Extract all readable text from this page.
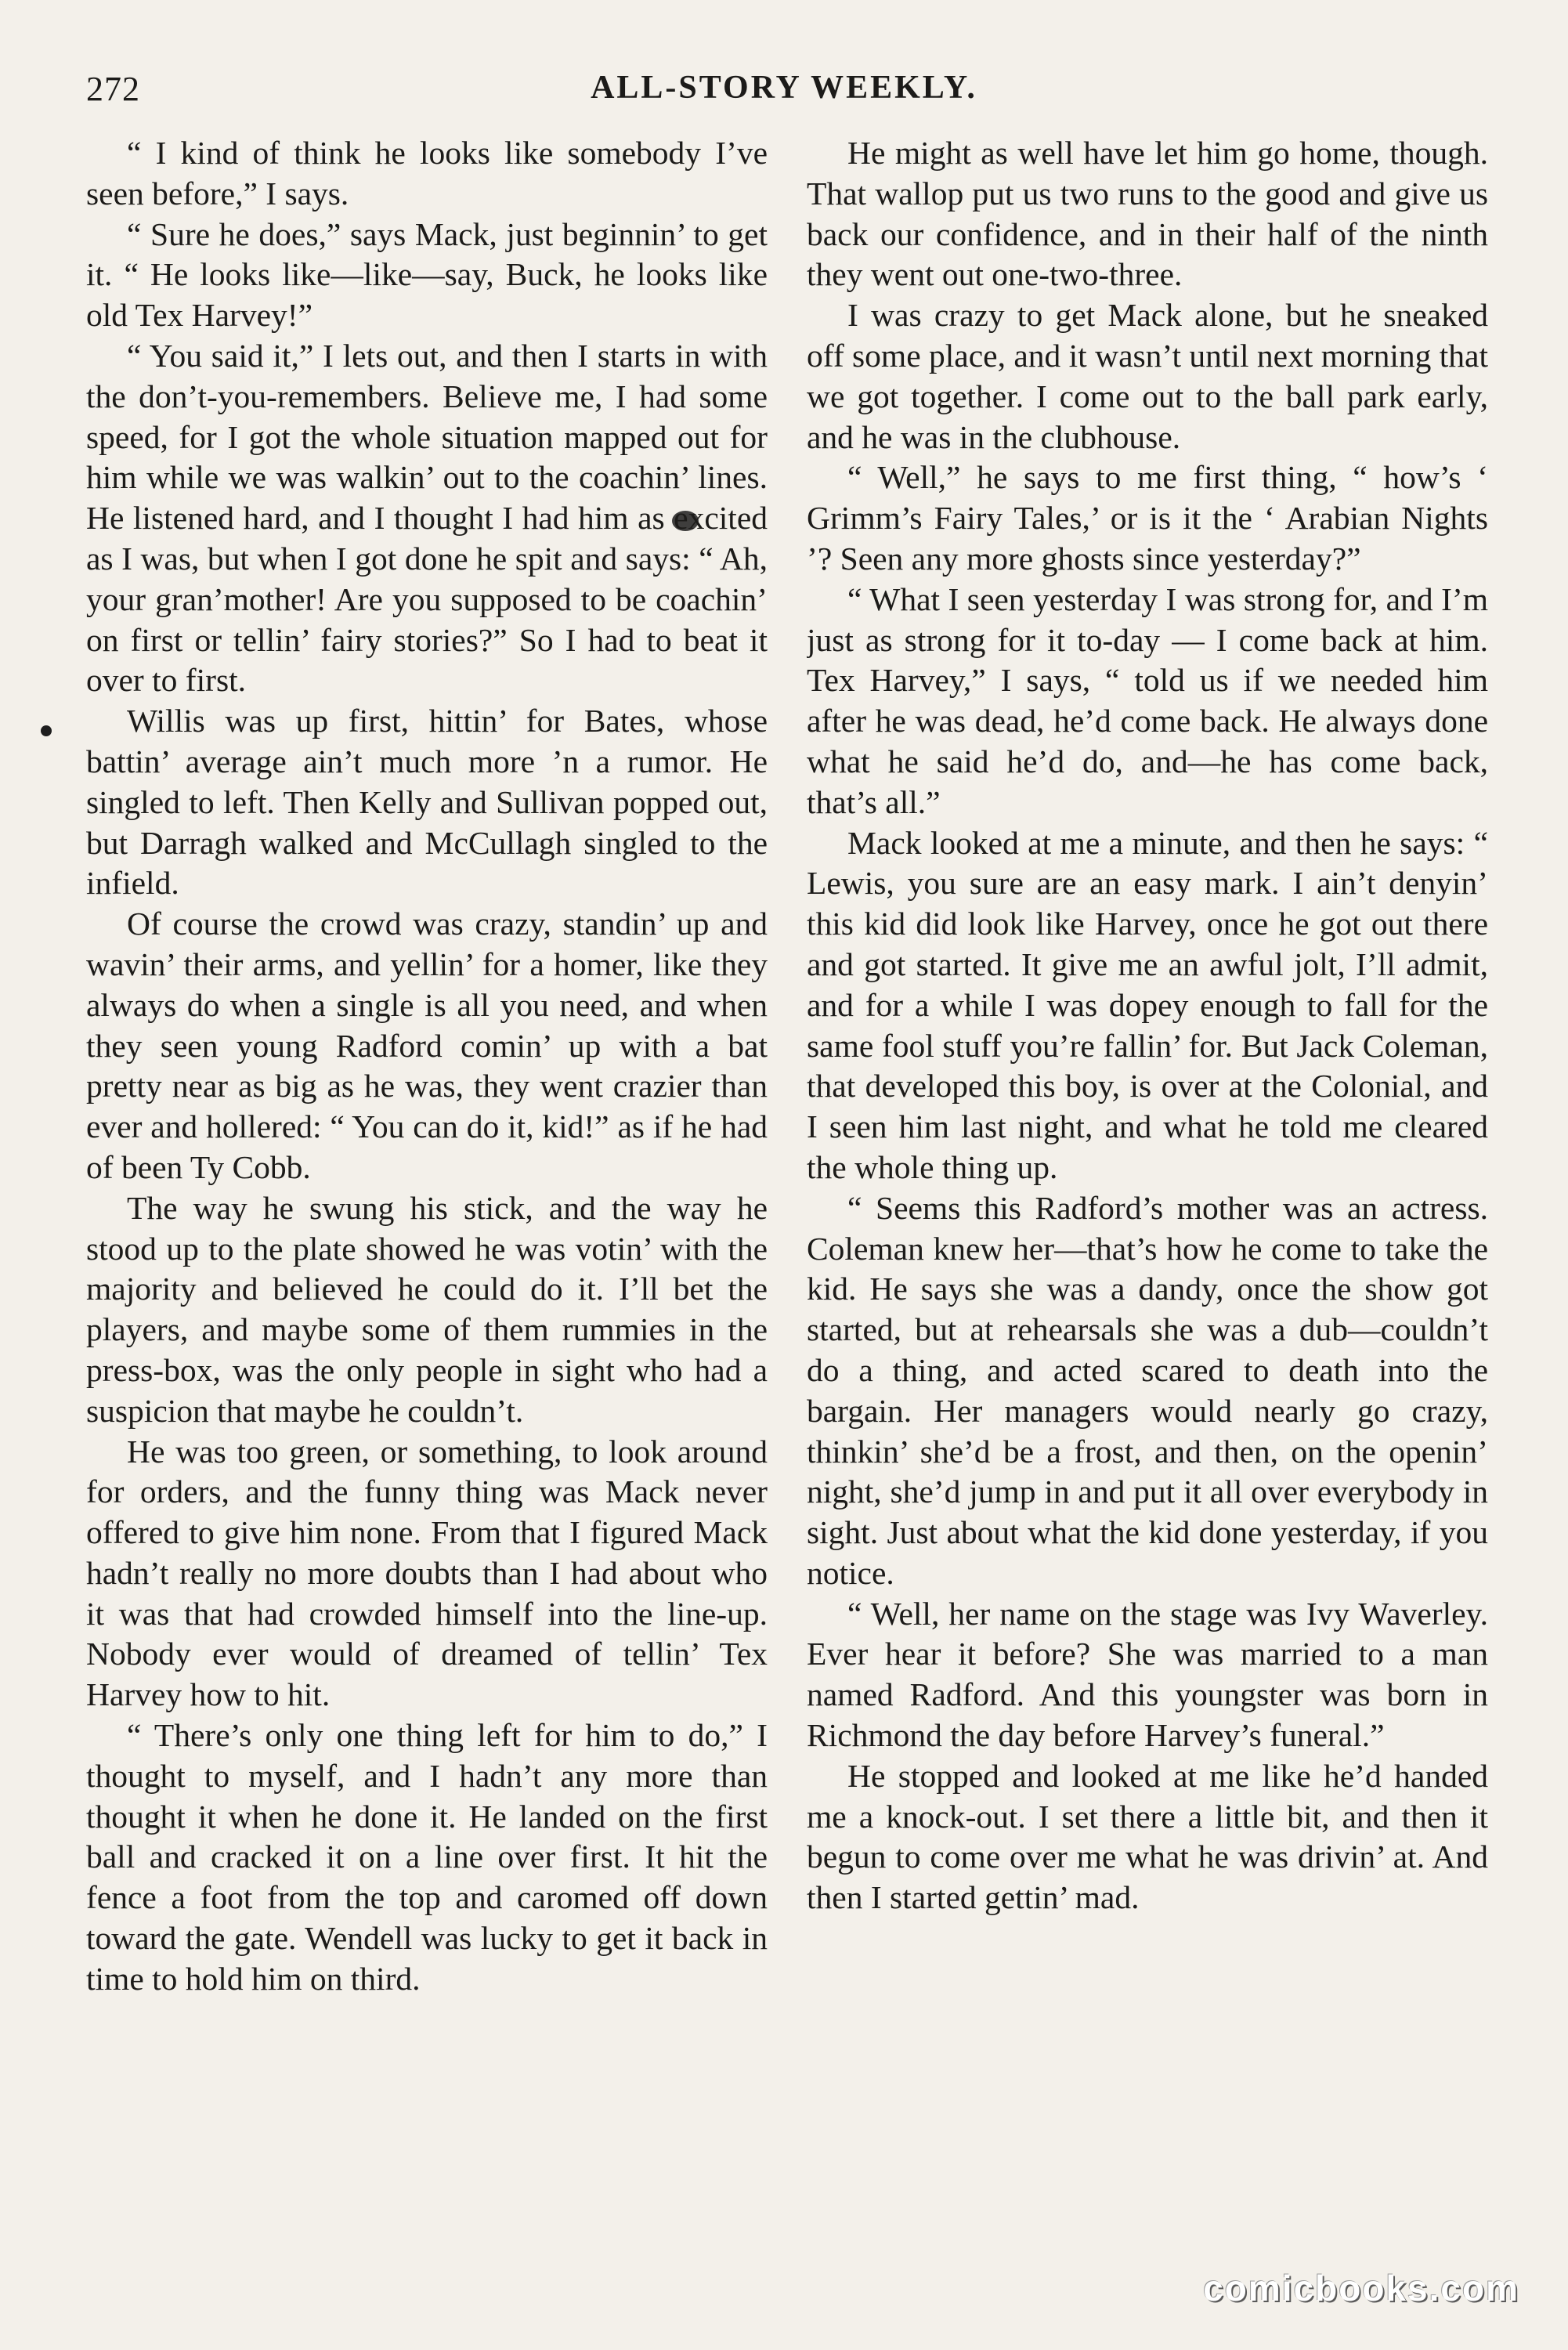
272	ALL-STORY WEEKLY.

“ I kind of think he looks like somebody I’ve seen before,” I says.

“ Sure he does,” says Mack, just beginnin’ to get it. “ He looks like—like—say, Buck, he looks like old Tex Harvey!”

“ You said it,” I lets out, and then I starts in with the don’t-you-remembers. Believe me, I had some speed, for I got the whole situation mapped out for him while we was walkin’ out to the coachin’ lines. He listened hard, and I thought I had him as excited as I was, but when I got done he spit and says: “ Ah, your gran’mother! Are you supposed to be coachin’ on first or tellin’ fairy stories?” So I had to beat it over to first.

Willis was up first, hittin’ for Bates, whose battin’ average ain’t much more ’n a rumor. He singled to left. Then Kelly and Sullivan popped out, but Darragh walked and McCullagh singled to the infield.

Of course the crowd was crazy, standin’ up and wavin’ their arms, and yellin’ for a homer, like they always do when a single is all you need, and when they seen young Radford comin’ up with a bat pretty near as big as he was, they went crazier than ever and hollered: “ You can do it, kid!” as if he had of been Ty Cobb.

The way he swung his stick, and the way he stood up to the plate showed he was votin’ with the majority and believed he could do it. I’ll bet the players, and maybe some of them rummies in the press-box, was the only people in sight who had a suspicion that maybe he couldn’t.

He was too green, or something, to look around for orders, and the funny thing was Mack never offered to give him none. From that I figured Mack hadn’t really no more doubts than I had about who it was that had crowded himself into the line-up. Nobody ever would of dreamed of tellin’ Tex Harvey how to hit.

“ There’s only one thing left for him to do,” I thought to myself, and I hadn’t any more than thought it when he done it. He landed on the first ball and cracked it on a line over first. It hit the fence a foot from the top and caromed off down toward the gate. Wendell was lucky to get it back in time to hold him on third.

He might as well have let him go home, though. That wallop put us two runs to the good and give us back our confidence, and in their half of the ninth they went out one-two-three.

I was crazy to get Mack alone, but he sneaked off some place, and it wasn’t until next morning that we got together. I come out to the ball park early, and he was in the clubhouse.

“ Well,” he says to me first thing, “ how’s ‘ Grimm’s Fairy Tales,’ or is it the ‘ Arabian Nights ’? Seen any more ghosts since yesterday?”

“ What I seen yesterday I was strong for, and I’m just as strong for it to-day — I come back at him. Tex Harvey,” I says, “ told us if we needed him after he was dead, he’d come back. He always done what he said he’d do, and—he has come back, that’s all.”

Mack looked at me a minute, and then he says: “ Lewis, you sure are an easy mark. I ain’t denyin’ this kid did look like Harvey, once he got out there and got started. It give me an awful jolt, I’ll admit, and for a while I was dopey enough to fall for the same fool stuff you’re fallin’ for. But Jack Coleman, that developed this boy, is over at the Colonial, and I seen him last night, and what he told me cleared the whole thing up.

“ Seems this Radford’s mother was an actress. Coleman knew her—that’s how he come to take the kid. He says she was a dandy, once the show got started, but at rehearsals she was a dub—couldn’t do a thing, and acted scared to death into the bargain. Her managers would nearly go crazy, thinkin’ she’d be a frost, and then, on the openin’ night, she’d jump in and put it all over everybody in sight. Just about what the kid done yesterday, if you notice.

“ Well, her name on the stage was Ivy Waverley. Ever hear it before? She was married to a man named Radford. And this youngster was born in Richmond the day before Harvey’s funeral.”

He stopped and looked at me like he’d handed me a knock-out. I set there a little bit, and then it begun to come over me what he was drivin’ at. And then I started gettin’ mad.

comicbooks.com
